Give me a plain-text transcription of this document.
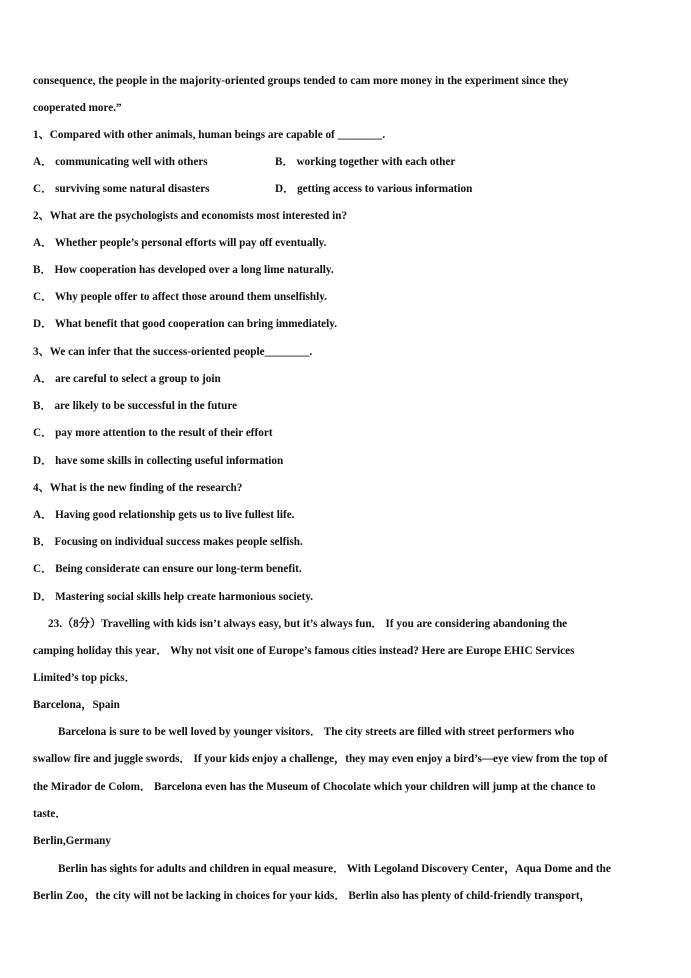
consequence, the people in the majority-oriented groups tended to cam more money in the experiment since they
cooperated more.”
1、Compared with other animals, human beings are capable of ________.
A． communicating well with others	B． working together with each other
C． surviving some natural disasters	D． getting access to various information
2、What are the psychologists and economists most interested in?
A． Whether people’s personal efforts will pay off eventually.
B． How cooperation has developed over a long lime naturally.
C． Why people offer to affect those around them unselfishly.
D． What benefit that good cooperation can bring immediately.
3、We can infer that the success-oriented people________.
A． are careful to select a group to join
B． are likely to be successful in the future
C． pay more attention to the result of their effort
D． have some skills in collecting useful information
4、What is the new finding of the research?
A． Having good relationship gets us to live fullest life.
B． Focusing on individual success makes people selfish.
C． Being considerate can ensure our long-term benefit.
D． Mastering social skills help create harmonious society.
23.（8分）Travelling with kids isn’t always easy, but it’s always fun． If you are considering abandoning the
camping holiday this year． Why not visit one of Europe’s famous cities instead? Here are Europe EHIC Services
Limited’s top picks．
Barcelona，Spain
Barcelona is sure to be well loved by younger visitors． The city streets are filled with street performers who
swallow fire and juggle swords． If your kids enjoy a challenge，they may even enjoy a bird’s—eye view from the top of
the Mirador de Colom． Barcelona even has the Museum of Chocolate which your children will jump at the chance to
taste．
Berlin,Germany
Berlin has sights for adults and children in equal measure． With Legoland Discovery Center，Aqua Dome and the
Berlin Zoo，the city will not be lacking in choices for your kids． Berlin also has plenty of child-friendly transport，
